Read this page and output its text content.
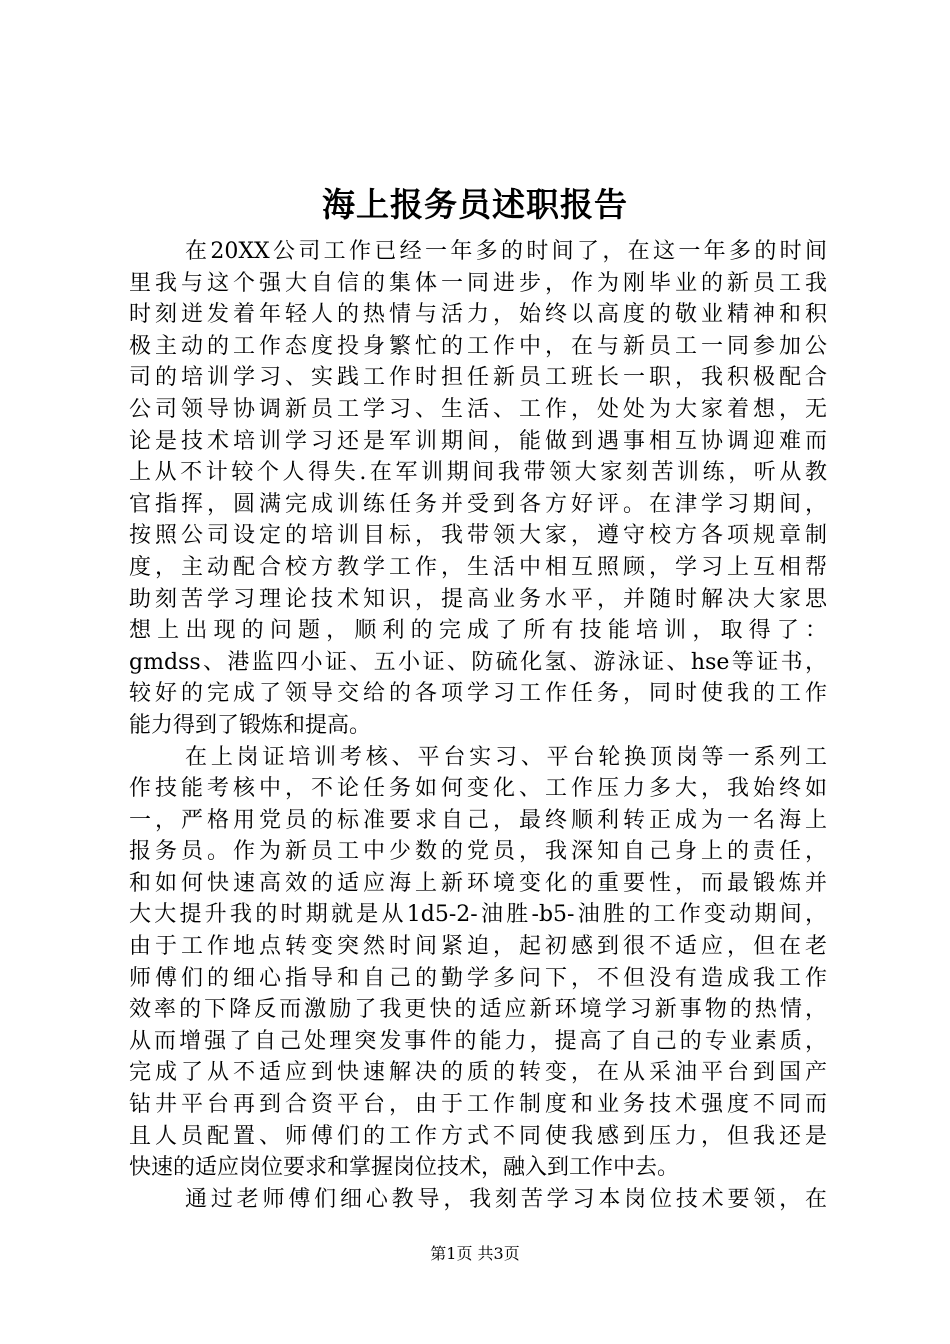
海上报务员述职报告
在20XX公司工作已经一年多的时间了，在这一年多的时间
里我与这个强大自信的集体一同进步，作为刚毕业的新员工我
时刻迸发着年轻人的热情与活力，始终以高度的敬业精神和积
极主动的工作态度投身繁忙的工作中，在与新员工一同参加公
司的培训学习、实践工作时担任新员工班长一职，我积极配合
公司领导协调新员工学习、生活、工作，处处为大家着想，无
论是技术培训学习还是军训期间，能做到遇事相互协调迎难而
上从不计较个人得失.在军训期间我带领大家刻苦训练，听从教
官指挥，圆满完成训练任务并受到各方好评。在津学习期间，
按照公司设定的培训目标，我带领大家，遵守校方各项规章制
度，主动配合校方教学工作，生活中相互照顾，学习上互相帮
助刻苦学习理论技术知识，提高业务水平，并随时解决大家思
想上出现的问题，顺利的完成了所有技能培训，取得了：
gmdss、港监四小证、五小证、防硫化氢、游泳证、hse等证书，
较好的完成了领导交给的各项学习工作任务，同时使我的工作
能力得到了锻炼和提高。
在上岗证培训考核、平台实习、平台轮换顶岗等一系列工
作技能考核中，不论任务如何变化、工作压力多大，我始终如
一，严格用党员的标准要求自己，最终顺利转正成为一名海上
报务员。作为新员工中少数的党员，我深知自己身上的责任，
和如何快速高效的适应海上新环境变化的重要性，而最锻炼并
大大提升我的时期就是从1d5-2-油胜-b5-油胜的工作变动期间，
由于工作地点转变突然时间紧迫，起初感到很不适应，但在老
师傅们的细心指导和自己的勤学多问下，不但没有造成我工作
效率的下降反而激励了我更快的适应新环境学习新事物的热情，
从而增强了自己处理突发事件的能力，提高了自己的专业素质，
完成了从不适应到快速解决的质的转变，在从采油平台到国产
钻井平台再到合资平台，由于工作制度和业务技术强度不同而
且人员配置、师傅们的工作方式不同使我感到压力，但我还是
快速的适应岗位要求和掌握岗位技术，融入到工作中去。
通过老师傅们细心教导，我刻苦学习本岗位技术要领，在
第1页 共3页
